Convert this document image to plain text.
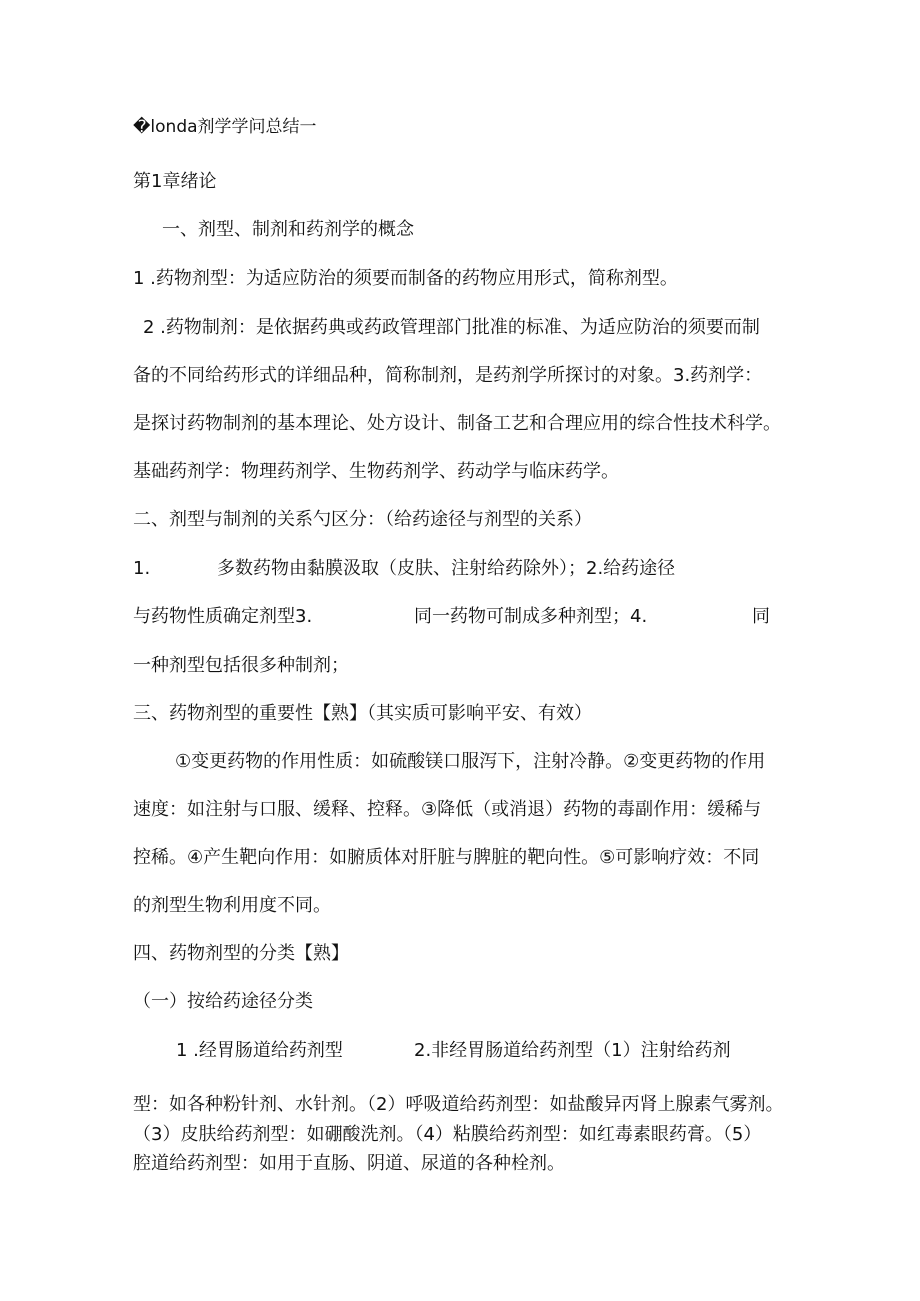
�londa剂学学问总结一
第1章绪论
一、剂型、制剂和药剂学的概念
1 .药物剂型：为适应防治的须要而制备的药物应用形式，简称剂型。
2 .药物制剂：是依据药典或药政管理部门批准的标准、为适应防治的须要而制
备的不同给药形式的详细品种，简称制剂，是药剂学所探讨的对象。3.药剂学：
是探讨药物制剂的基本理论、处方设计、制备工艺和合理应用的综合性技术科学。
基础药剂学：物理药剂学、生物药剂学、药动学与临床药学。
二、剂型与制剂的关系勺区分：（给药途径与剂型的关系）
1.	多数药物由黏膜汲取（皮肤、注射给药除外）；2.给药途径
与药物性质确定剂型3.	同一药物可制成多种剂型；4.	同
一种剂型包括很多种制剂；
三、药物剂型的重要性【熟】（其实质可影响平安、有效）
①变更药物的作用性质：如硫酸镁口服泻下，注射冷静。②变更药物的作用
速度：如注射与口服、缓释、控释。③降低（或消退）药物的毒副作用：缓稀与
控稀。④产生靶向作用：如腑质体对肝脏与脾脏的靶向性。⑤可影响疗效：不同
的剂型生物利用度不同。
四、药物剂型的分类【熟】
（一）按给药途径分类
1 .经胃肠道给药剂型	2.非经胃肠道给药剂型（1）注射给药剂
型：如各种粉针剂、水针剂。（2）呼吸道给药剂型：如盐酸异丙肾上腺素气雾剂。
（3）皮肤给药剂型：如硼酸洗剂。（4）粘膜给药剂型：如红毒素眼药膏。（5）
腔道给药剂型：如用于直肠、阴道、尿道的各种栓剂。
